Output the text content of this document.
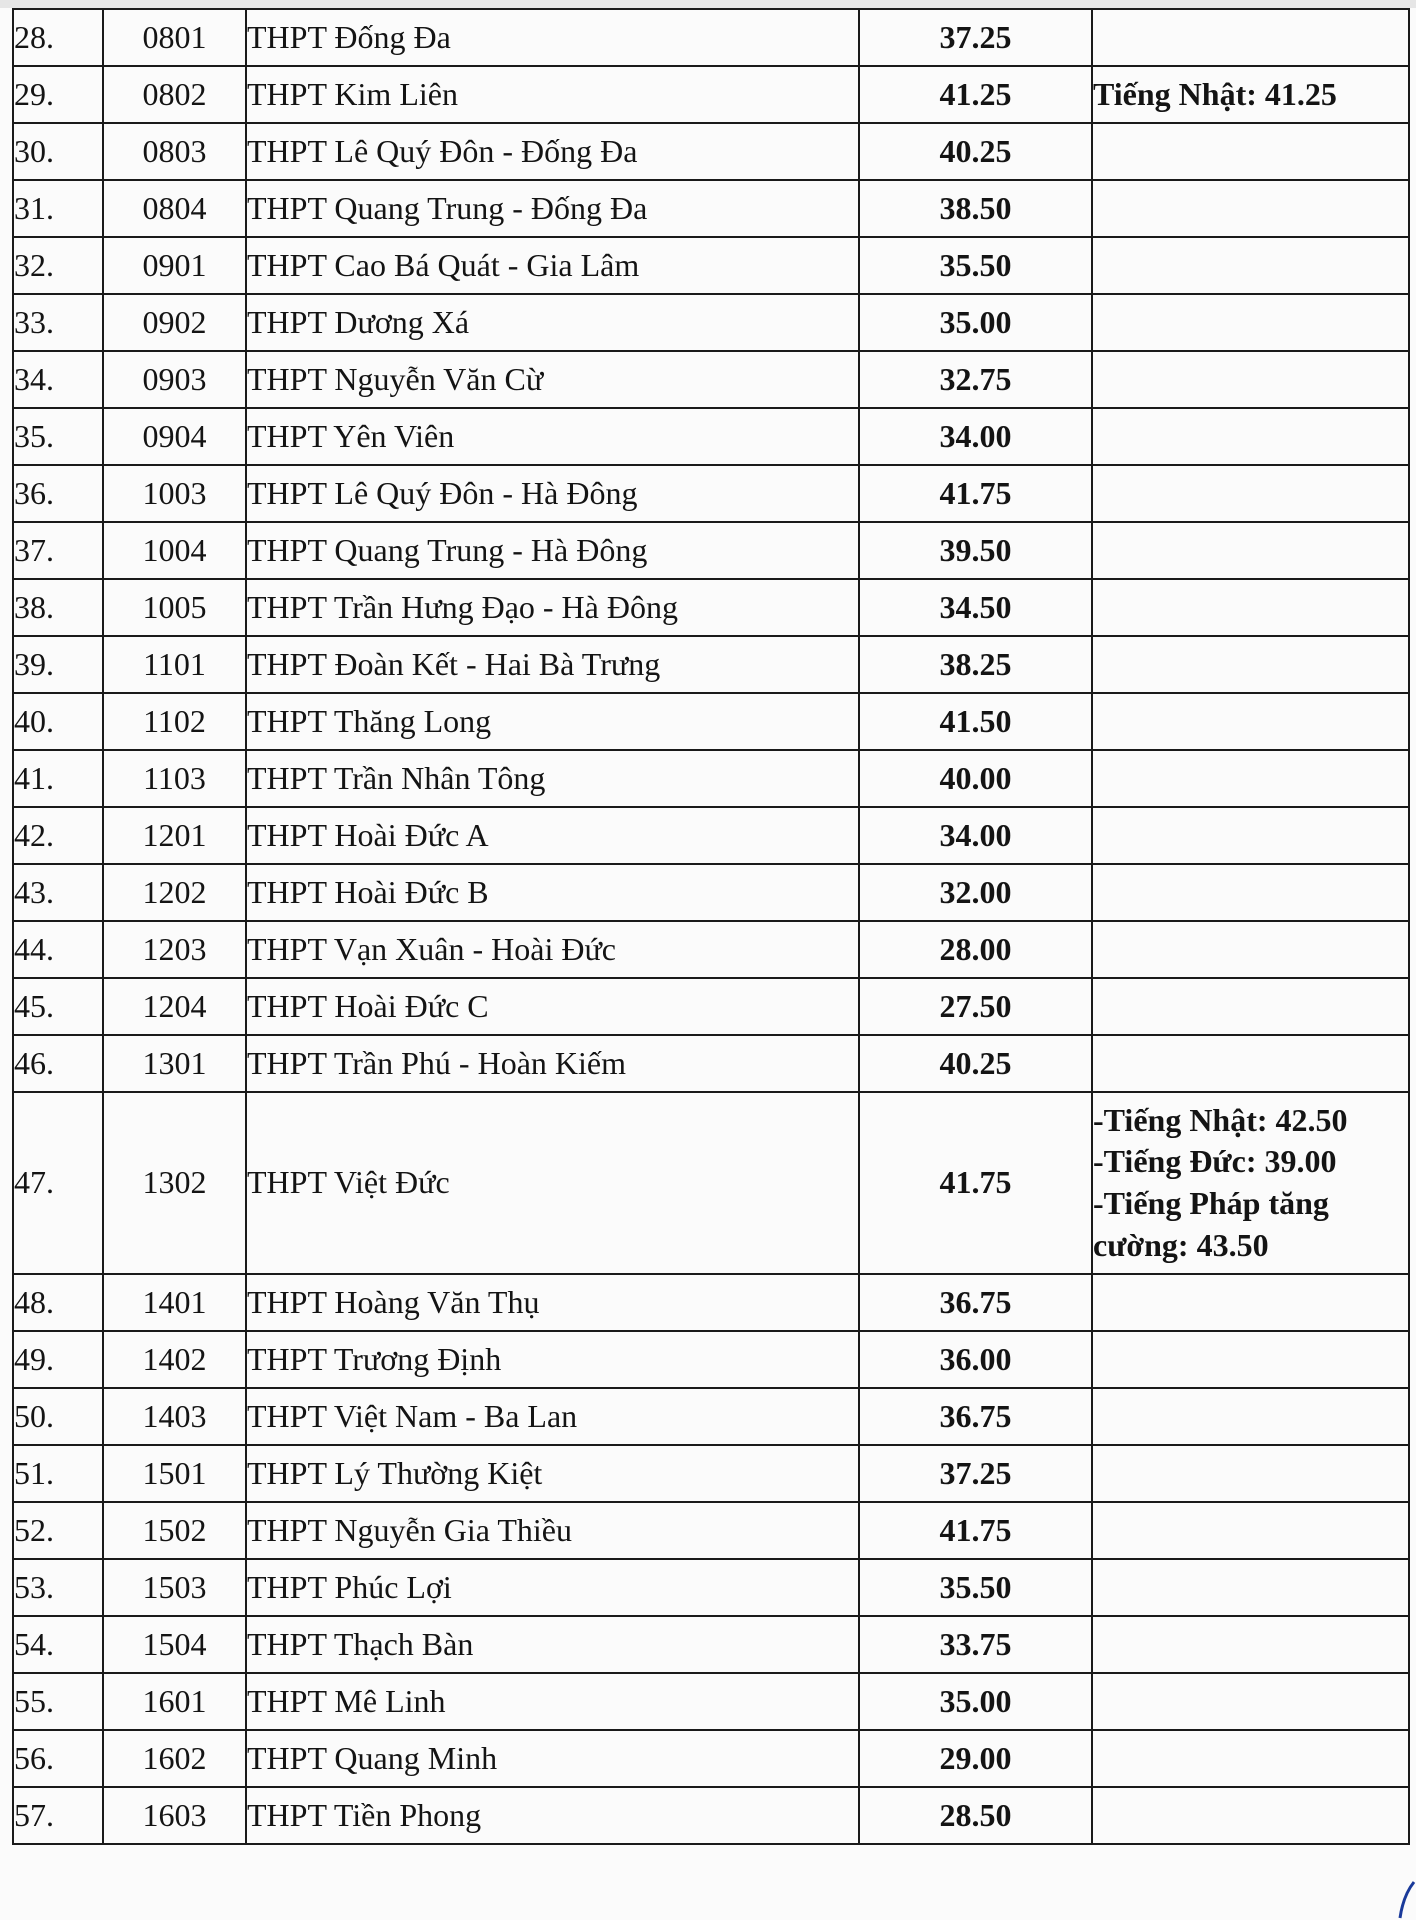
28.	0801	THPT Đống Đa	37.25	
29.	0802	THPT Kim Liên	41.25	Tiếng Nhật: 41.25

30.	0803	THPT Lê Quý Đôn - Đống Đa	40.25	
31.	0804	THPT Quang Trung - Đống Đa	38.50	
32.	0901	THPT Cao Bá Quát - Gia Lâm	35.50	
33.	0902	THPT Dương Xá	35.00	
34.	0903	THPT Nguyễn Văn Cừ	32.75	
35.	0904	THPT Yên Viên	34.00	
36.	1003	THPT Lê Quý Đôn - Hà Đông	41.75	
37.	1004	THPT Quang Trung - Hà Đông	39.50	
38.	1005	THPT Trần Hưng Đạo - Hà Đông	34.50	
39.	1101	THPT Đoàn Kết - Hai Bà Trưng	38.25	
40.	1102	THPT Thăng Long	41.50	
41.	1103	THPT Trần Nhân Tông	40.00	
42.	1201	THPT Hoài Đức A	34.00	
43.	1202	THPT Hoài Đức B	32.00	
44.	1203	THPT Vạn Xuân - Hoài Đức	28.00	
45.	1204	THPT Hoài Đức C	27.50	
46.	1301	THPT Trần Phú - Hoàn Kiếm	40.25	
47.	1302	THPT Việt Đức	41.75	-Tiếng Nhật: 42.50
-Tiếng Đức: 39.00
-Tiếng Pháp tăng cường: 43.50

48.	1401	THPT Hoàng Văn Thụ	36.75	
49.	1402	THPT Trương Định	36.00	
50.	1403	THPT Việt Nam - Ba Lan	36.75	
51.	1501	THPT Lý Thường Kiệt	37.25	
52.	1502	THPT Nguyễn Gia Thiều	41.75	
53.	1503	THPT Phúc Lợi	35.50	
54.	1504	THPT Thạch Bàn	33.75	
55.	1601	THPT Mê Linh	35.00	
56.	1602	THPT Quang Minh	29.00	
57.	1603	THPT Tiền Phong	28.50	
